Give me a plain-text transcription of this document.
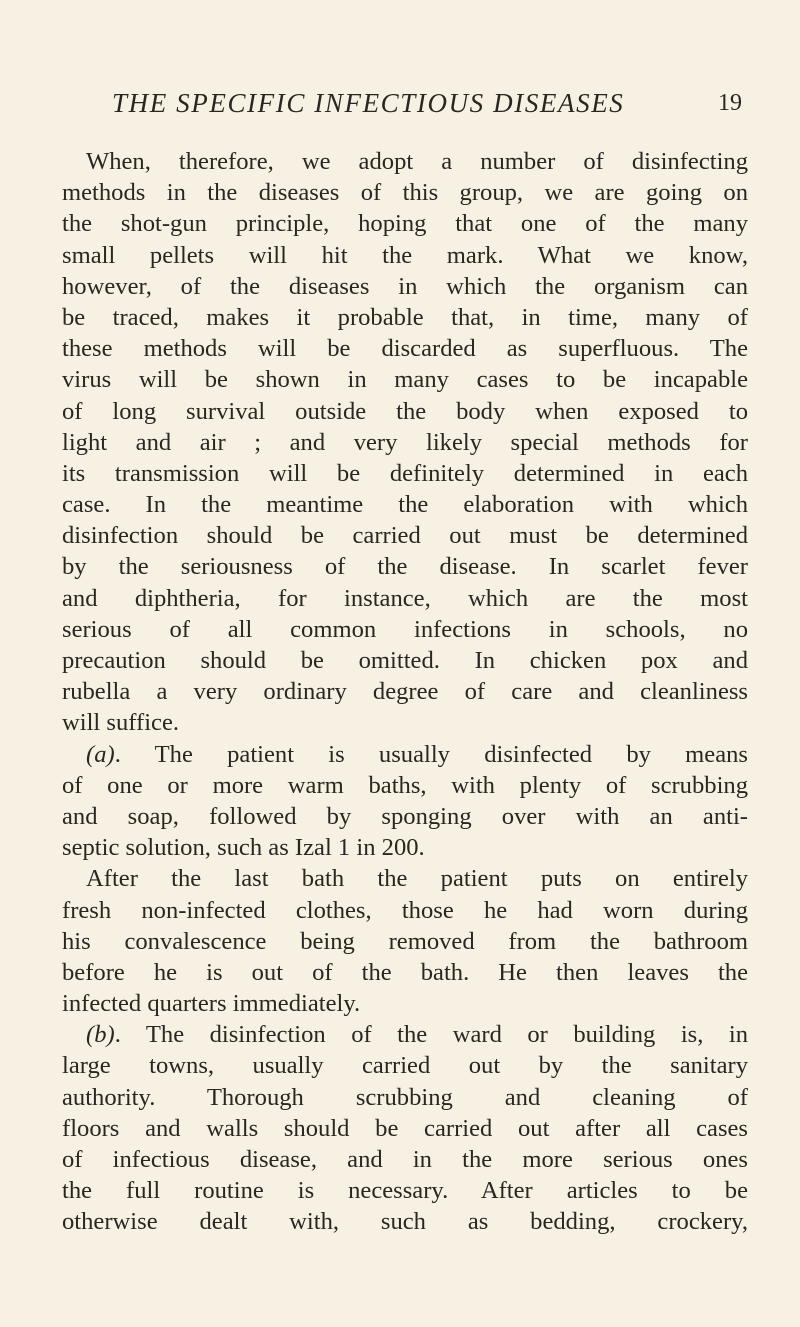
THE SPECIFIC INFECTIOUS DISEASES	19
When, therefore, we adopt a number of disinfecting
methods in the diseases of this group, we are going on
the shot-gun principle, hoping that one of the many
small pellets will hit the mark. What we know,
however, of the diseases in which the organism can
be traced, makes it probable that, in time, many of
these methods will be discarded as superfluous. The
virus will be shown in many cases to be incapable
of long survival outside the body when exposed to
light and air ; and very likely special methods for
its transmission will be definitely determined in each
case. In the meantime the elaboration with which
disinfection should be carried out must be determined
by the seriousness of the disease. In scarlet fever
and diphtheria, for instance, which are the most
serious of all common infections in schools, no
precaution should be omitted. In chicken pox and
rubella a very ordinary degree of care and cleanliness
will suffice.
(a). The patient is usually disinfected by means
of one or more warm baths, with plenty of scrubbing
and soap, followed by sponging over with an anti-
septic solution, such as Izal 1 in 200.
After the last bath the patient puts on entirely
fresh non-infected clothes, those he had worn during
his convalescence being removed from the bathroom
before he is out of the bath. He then leaves the
infected quarters immediately.
(b). The disinfection of the ward or building is, in
large towns, usually carried out by the sanitary
authority. Thorough scrubbing and cleaning of
floors and walls should be carried out after all cases
of infectious disease, and in the more serious ones
the full routine is necessary. After articles to be
otherwise dealt with, such as bedding, crockery,
